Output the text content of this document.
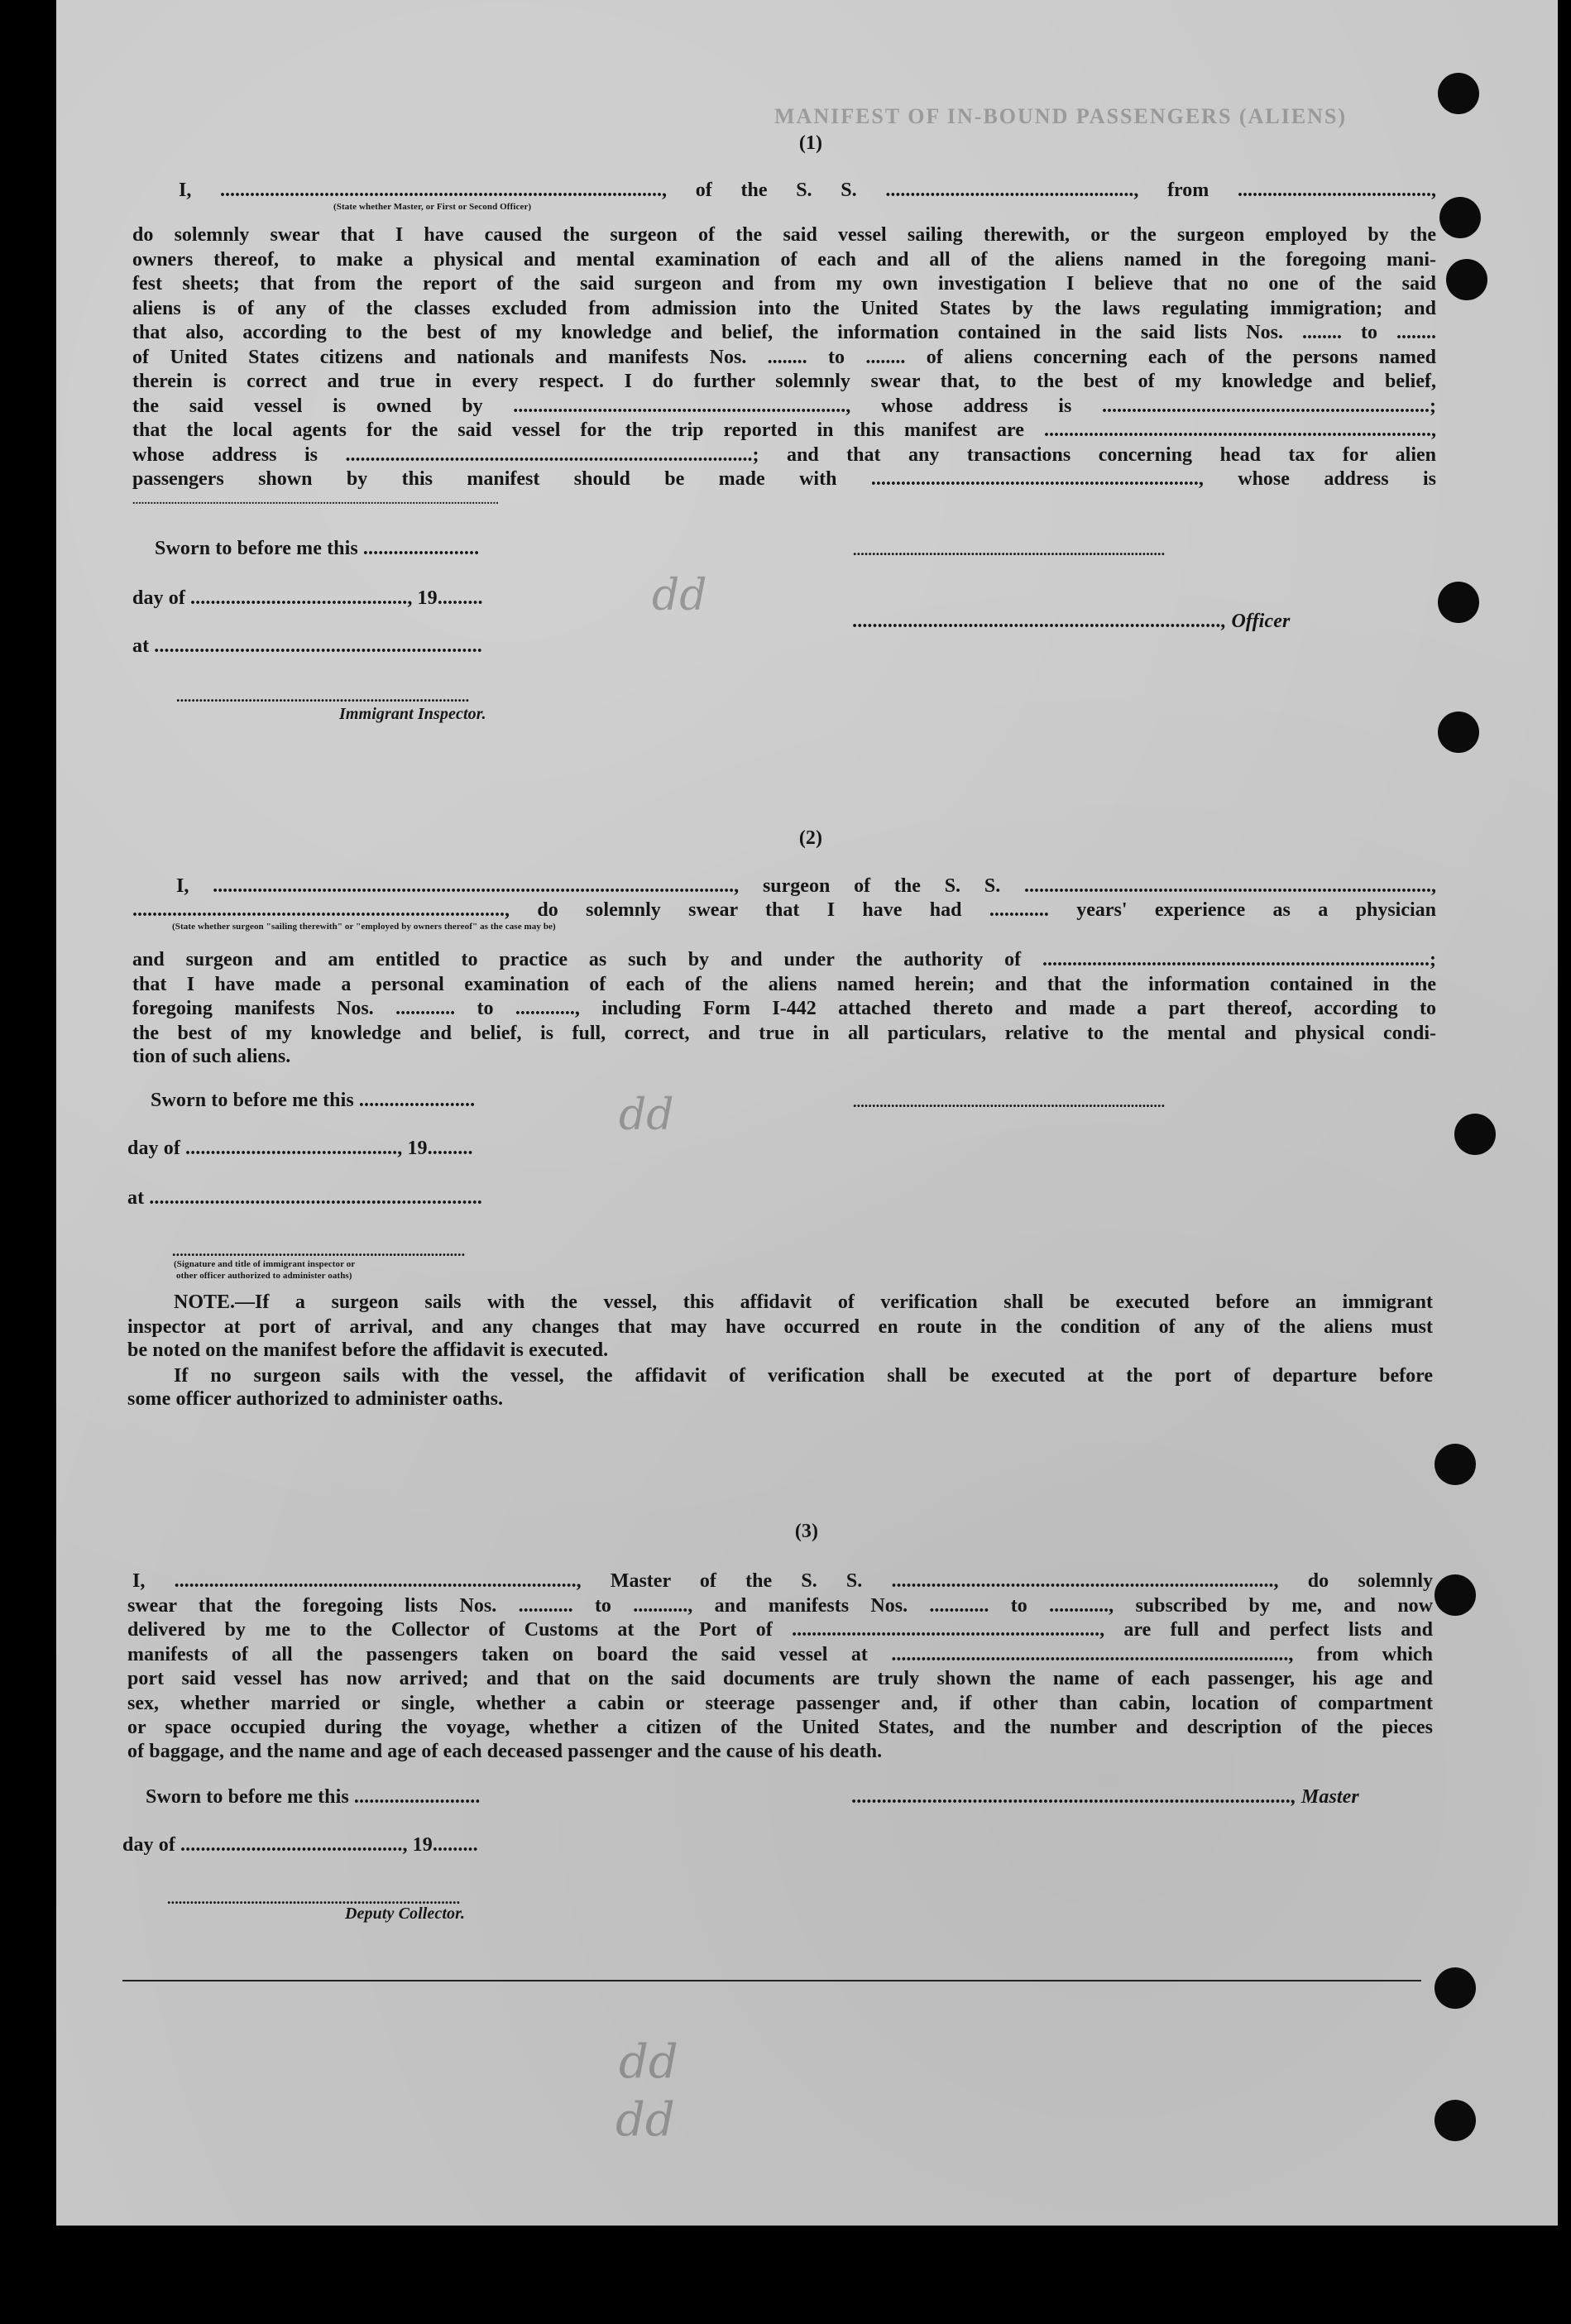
MANIFEST OF IN-BOUND PASSENGERS (ALIENS)
(1)
I, ........................................................................................., of the S. S. .................................................., from .......................................,
(State whether Master, or First or Second Officer)
do solemnly swear that I have caused the surgeon of the said vessel sailing therewith, or the surgeon employed by the
owners thereof, to make a physical and mental examination of each and all of the aliens named in the foregoing mani-
fest sheets; that from the report of the said surgeon and from my own investigation I believe that no one of the said
aliens is of any of the classes excluded from admission into the United States by the laws regulating immigration; and
that also, according to the best of my knowledge and belief, the information contained in the said lists Nos. ........ to ........
of United States citizens and nationals and manifests Nos. ........ to ........ of aliens concerning each of the persons named
therein is correct and true in every respect. I do further solemnly swear that, to the best of my knowledge and belief,
the said vessel is owned by ..................................................................., whose address is ..................................................................;
that the local agents for the said vessel for the trip reported in this manifest are ..............................................................................,
whose address is ..................................................................................; and that any transactions concerning head tax for alien
passengers shown by this manifest should be made with .................................................................., whose address is
...........................................................................................................................
Sworn to before me this .......................	..................................................................................
day of ..........................................., 19.........
........................................................................., Officer
at .................................................................
.............................................................................
Immigrant Inspector.
dd
dd
(2)
I, ........................................................................................................., surgeon of the S. S. ..................................................................................,
..........................................................................., do solemnly swear that I have had ............ years' experience as a physician
(State whether surgeon "sailing therewith" or "employed by owners thereof" as the case may be)
and surgeon and am entitled to practice as such by and under the authority of ..............................................................................;
that I have made a personal examination of each of the aliens named herein; and that the information contained in the
foregoing manifests Nos. ............ to ............, including Form I-442 attached thereto and made a part thereof, according to
the best of my knowledge and belief, is full, correct, and true in all particulars, relative to the mental and physical condi-
tion of such aliens.
Sworn to before me this .......................	..................................................................................
day of .........................................., 19.........
at ..................................................................
.............................................................................
(Signature and title of immigrant inspector or
other officer authorized to administer oaths)
NOTE.—If a surgeon sails with the vessel, this affidavit of verification shall be executed before an immigrant
inspector at port of arrival, and any changes that may have occurred en route in the condition of any of the aliens must
be noted on the manifest before the affidavit is executed.
If no surgeon sails with the vessel, the affidavit of verification shall be executed at the port of departure before
some officer authorized to administer oaths.
(3)
I, ................................................................................., Master of the S. S. ............................................................................., do solemnly
swear that the foregoing lists Nos. ........... to ..........., and manifests Nos. ............ to ............, subscribed by me, and now
delivered by me to the Collector of Customs at the Port of .............................................................., are full and perfect lists and
manifests of all the passengers taken on board the said vessel at ................................................................................, from which
port said vessel has now arrived; and that on the said documents are truly shown the name of each passenger, his age and
sex, whether married or single, whether a cabin or steerage passenger and, if other than cabin, location of compartment
or space occupied during the voyage, whether a citizen of the United States, and the number and description of the pieces
of baggage, and the name and age of each deceased passenger and the cause of his death.
Sworn to before me this .........................	......................................................................................., Master
day of ............................................, 19.........
.............................................................................
Deputy Collector.
dd
dd
